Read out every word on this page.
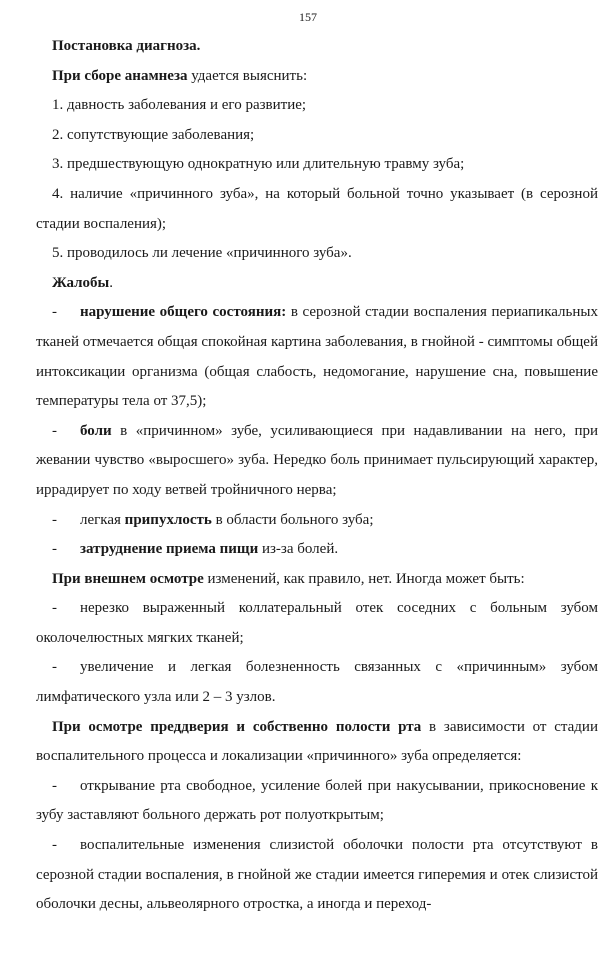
157

Постановка диагноза.

При сборе анамнеза удается выяснить:

1. давность заболевания и его развитие;

2. сопутствующие заболевания;

3. предшествующую однократную или длительную травму зуба;

4. наличие «причинного зуба», на который больной точно указывает (в серозной стадии воспаления);

5. проводилось ли лечение «причинного зуба».

Жалобы.

- нарушение общего состояния: в серозной стадии воспаления периапикальных тканей отмечается общая спокойная картина заболевания, в гнойной - симптомы общей интоксикации организма (общая слабость, недомогание, нарушение сна, повышение температуры тела от 37,5);

- боли в «причинном» зубе, усиливающиеся при надавливании на него, при жевании чувство «выросшего» зуба. Нередко боль принимает пульсирующий характер, иррадирует по ходу ветвей тройничного нерва;

- легкая припухлость в области больного зуба;

- затруднение приема пищи из-за болей.

При внешнем осмотре изменений, как правило, нет. Иногда может быть:

- нерезко выраженный коллатеральный отек соседних с больным зубом околочелюстных мягких тканей;

- увеличение и легкая болезненность связанных с «причинным» зубом лимфатического узла или 2 – 3 узлов.

При осмотре преддверия и собственно полости рта в зависимости от стадии воспалительного процесса и локализации «причинного» зуба определяется:

- открывание рта свободное, усиление болей при накусывании, прикосновение к зубу заставляют больного держать рот полуоткрытым;

- воспалительные изменения слизистой оболочки полости рта отсутствуют в серозной стадии воспаления, в гнойной же стадии имеется гиперемия и отек слизистой оболочки десны, альвеолярного отростка, а иногда и переход-
